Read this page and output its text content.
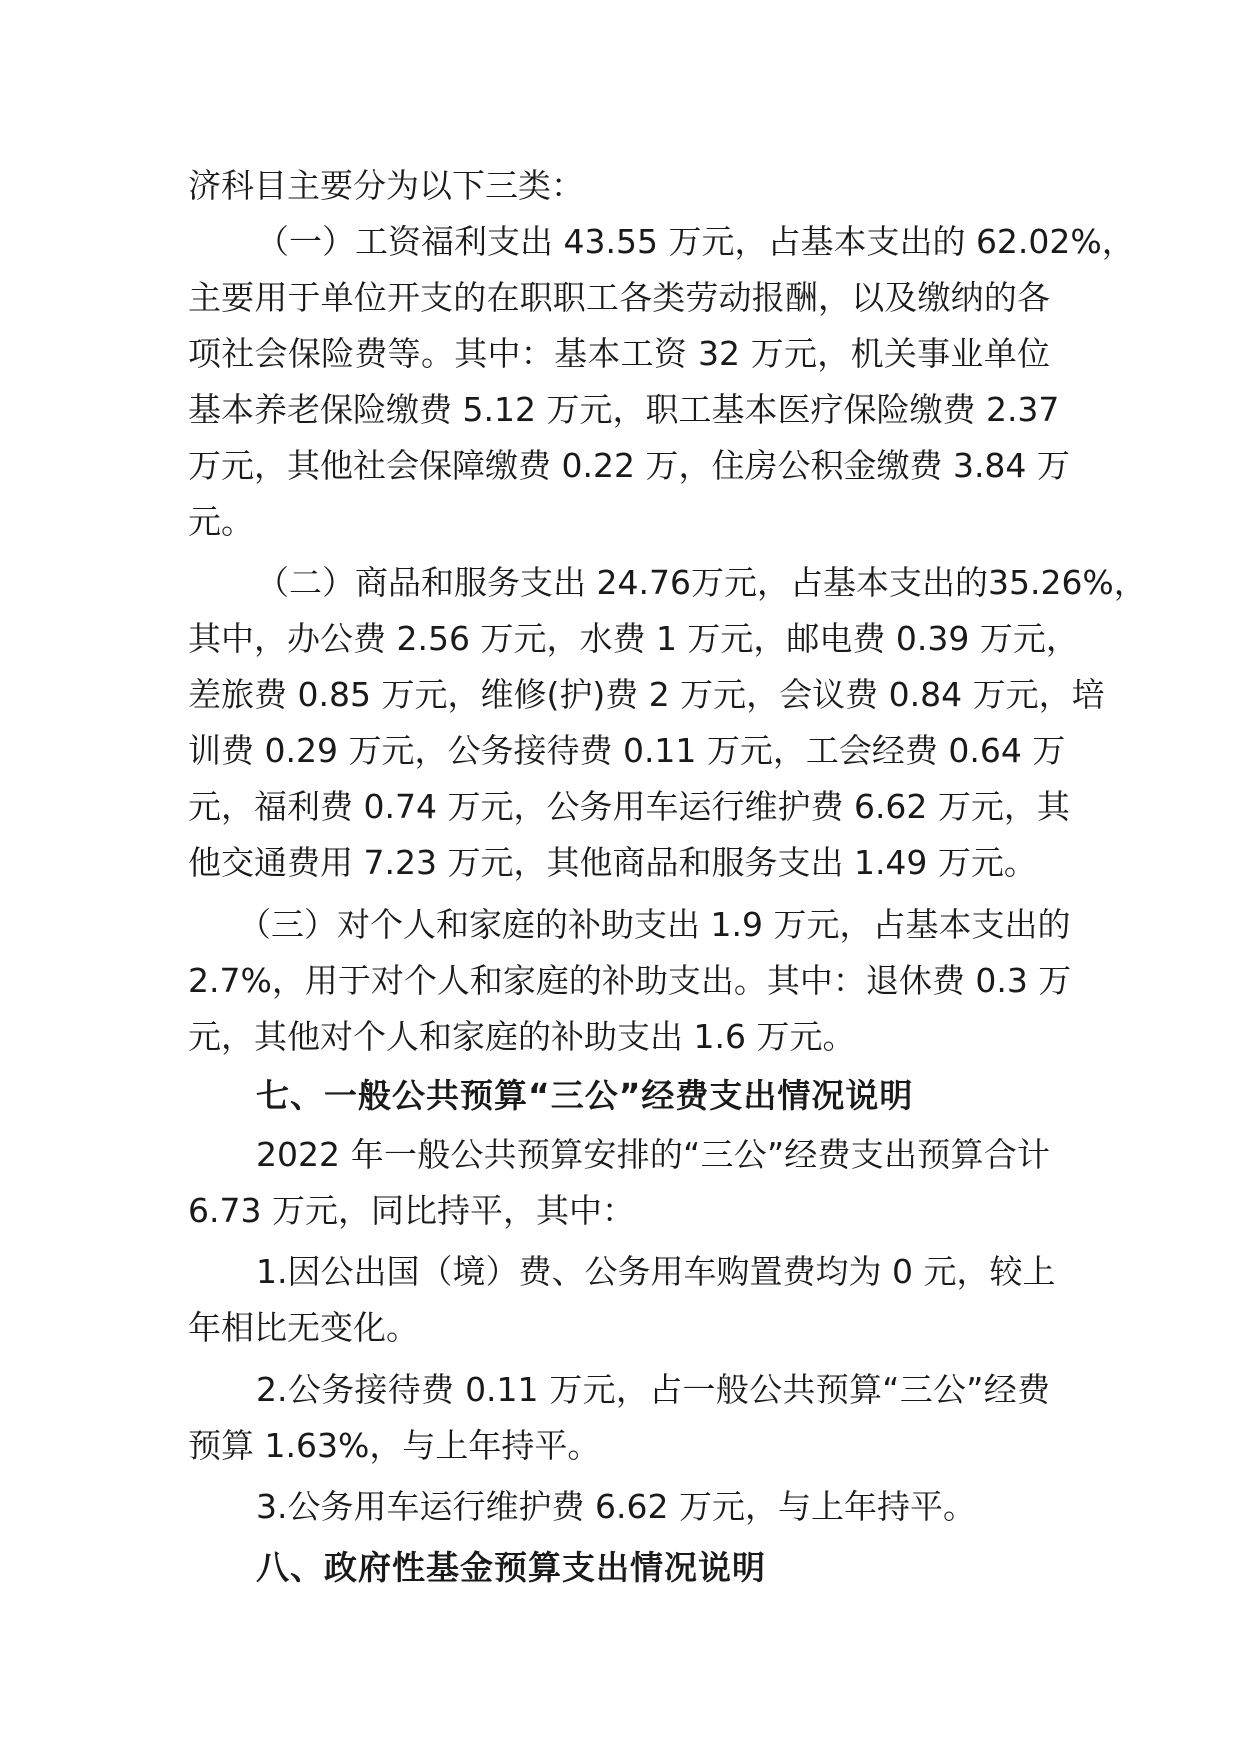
济科目主要分为以下三类：
（一）工资福利支出 43.55 万元，占基本支出的 62.02%，
主要用于单位开支的在职职工各类劳动报酬，以及缴纳的各
项社会保险费等。其中：基本工资 32 万元，机关事业单位
基本养老保险缴费 5.12 万元，职工基本医疗保险缴费 2.37
万元，其他社会保障缴费 0.22 万，住房公积金缴费 3.84 万
元。
（二）商品和服务支出 24.76万元，占基本支出的35.26%，
其中，办公费 2.56 万元，水费 1 万元，邮电费 0.39 万元，
差旅费 0.85 万元，维修(护)费 2 万元，会议费 0.84 万元，培
训费 0.29 万元，公务接待费 0.11 万元，工会经费 0.64 万
元，福利费 0.74 万元，公务用车运行维护费 6.62 万元，其
他交通费用 7.23 万元，其他商品和服务支出 1.49 万元。
（三）对个人和家庭的补助支出 1.9 万元，占基本支出的
2.7%，用于对个人和家庭的补助支出。其中：退休费 0.3 万
元，其他对个人和家庭的补助支出 1.6 万元。
七、一般公共预算“三公”经费支出情况说明
2022 年一般公共预算安排的“三公”经费支出预算合计
6.73 万元，同比持平，其中：
1.因公出国（境）费、公务用车购置费均为 0 元，较上
年相比无变化。
2.公务接待费 0.11 万元，占一般公共预算“三公”经费
预算 1.63%，与上年持平。
3.公务用车运行维护费 6.62 万元，与上年持平。
八、政府性基金预算支出情况说明
